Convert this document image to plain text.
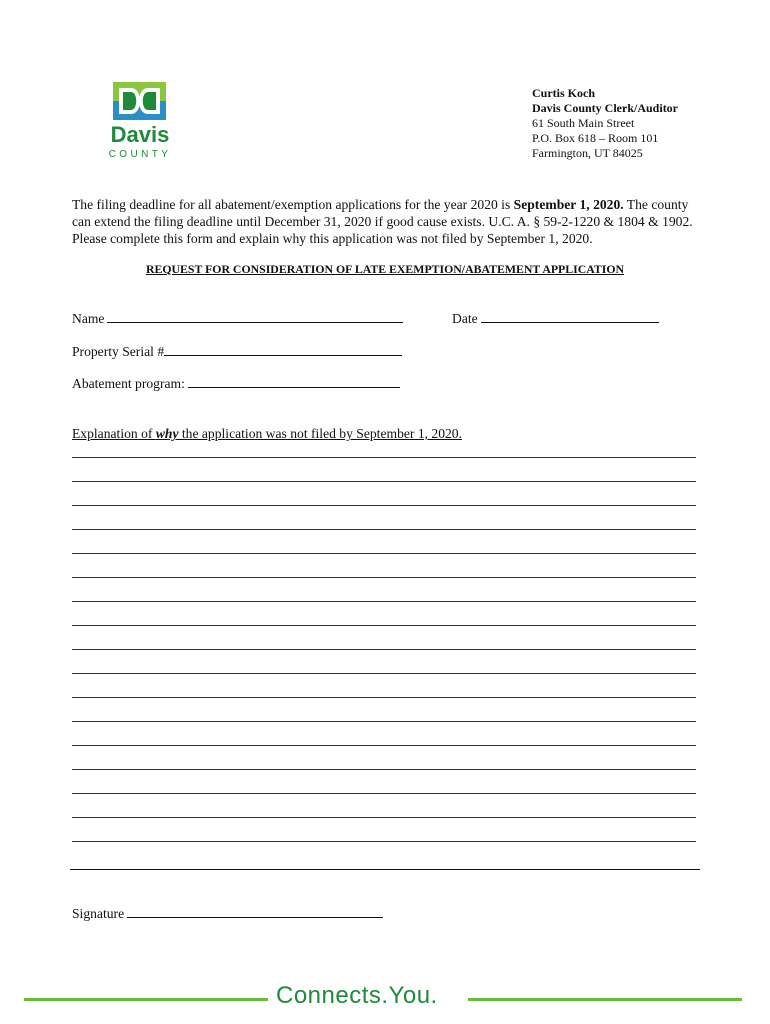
Davis
COUNTY
Curtis Koch
Davis County Clerk/Auditor
61 South Main Street
P.O. Box 618 – Room 101
Farmington, UT 84025
The filing deadline for all abatement/exemption applications for the year 2020 is September 1, 2020. The county can extend the filing deadline until December 31, 2020 if good cause exists. U.C. A. § 59-2-1220 & 1804 & 1902. Please complete this form and explain why this application was not filed by September 1, 2020.
REQUEST FOR CONSIDERATION OF LATE EXEMPTION/ABATEMENT APPLICATION
Name	Date
Property Serial #
Abatement program:
Explanation of why the application was not filed by September 1, 2020.
Signature
Connects.You.
